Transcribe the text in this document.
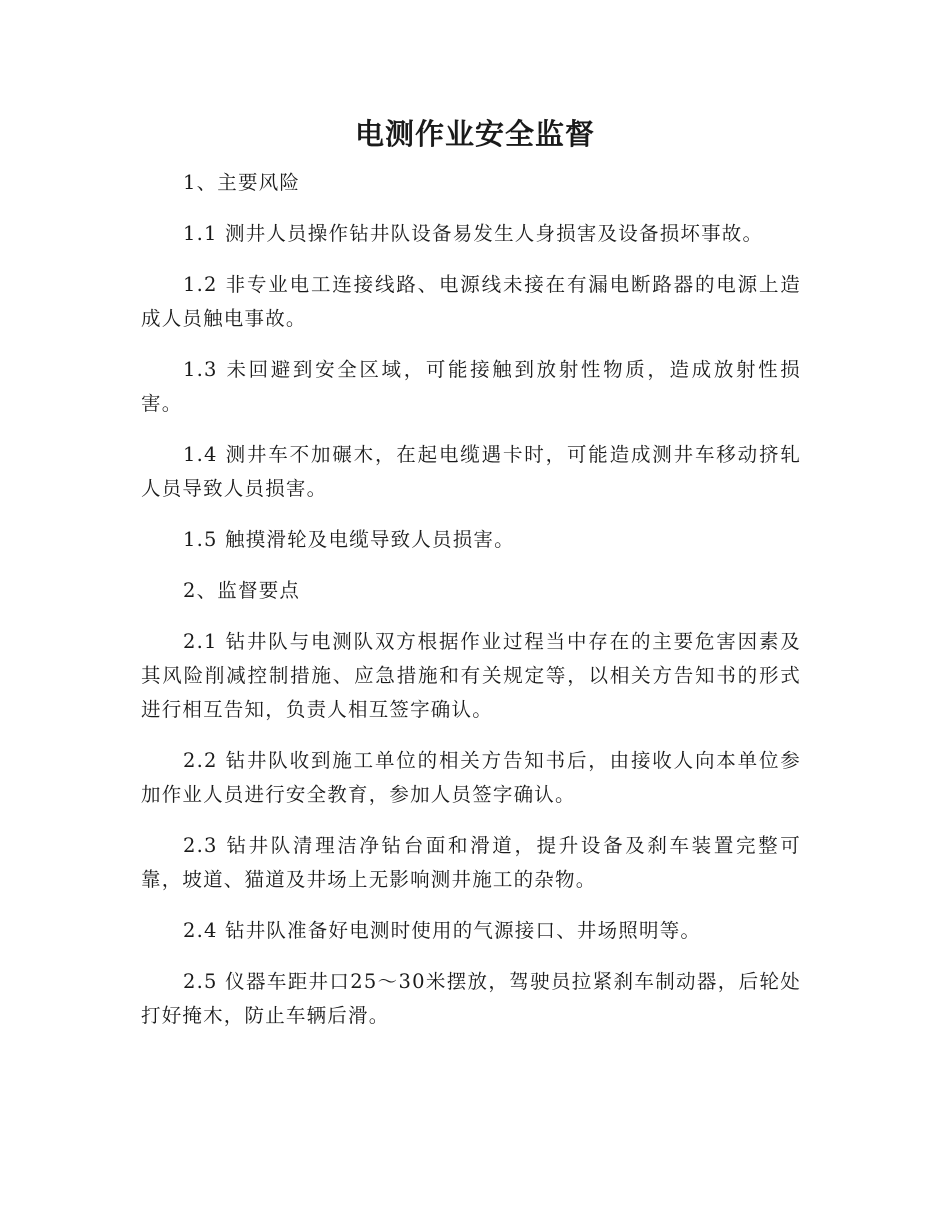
电测作业安全监督

1、主要风险

1.1 测井人员操作钻井队设备易发生人身损害及设备损坏事故。

1.2 非专业电工连接线路、电源线未接在有漏电断路器的电源上造成人员触电事故。

1.3 未回避到安全区域，可能接触到放射性物质，造成放射性损害。

1.4 测井车不加碾木，在起电缆遇卡时，可能造成测井车移动挤轧人员导致人员损害。

1.5 触摸滑轮及电缆导致人员损害。

2、监督要点

2.1 钻井队与电测队双方根据作业过程当中存在的主要危害因素及其风险削减控制措施、应急措施和有关规定等，以相关方告知书的形式进行相互告知，负责人相互签字确认。

2.2 钻井队收到施工单位的相关方告知书后，由接收人向本单位参加作业人员进行安全教育，参加人员签字确认。

2.3 钻井队清理洁净钻台面和滑道，提升设备及刹车装置完整可靠，坡道、猫道及井场上无影响测井施工的杂物。

2.4 钻井队准备好电测时使用的气源接口、井场照明等。

2.5 仪器车距井口25～30米摆放，驾驶员拉紧刹车制动器，后轮处打好掩木，防止车辆后滑。
